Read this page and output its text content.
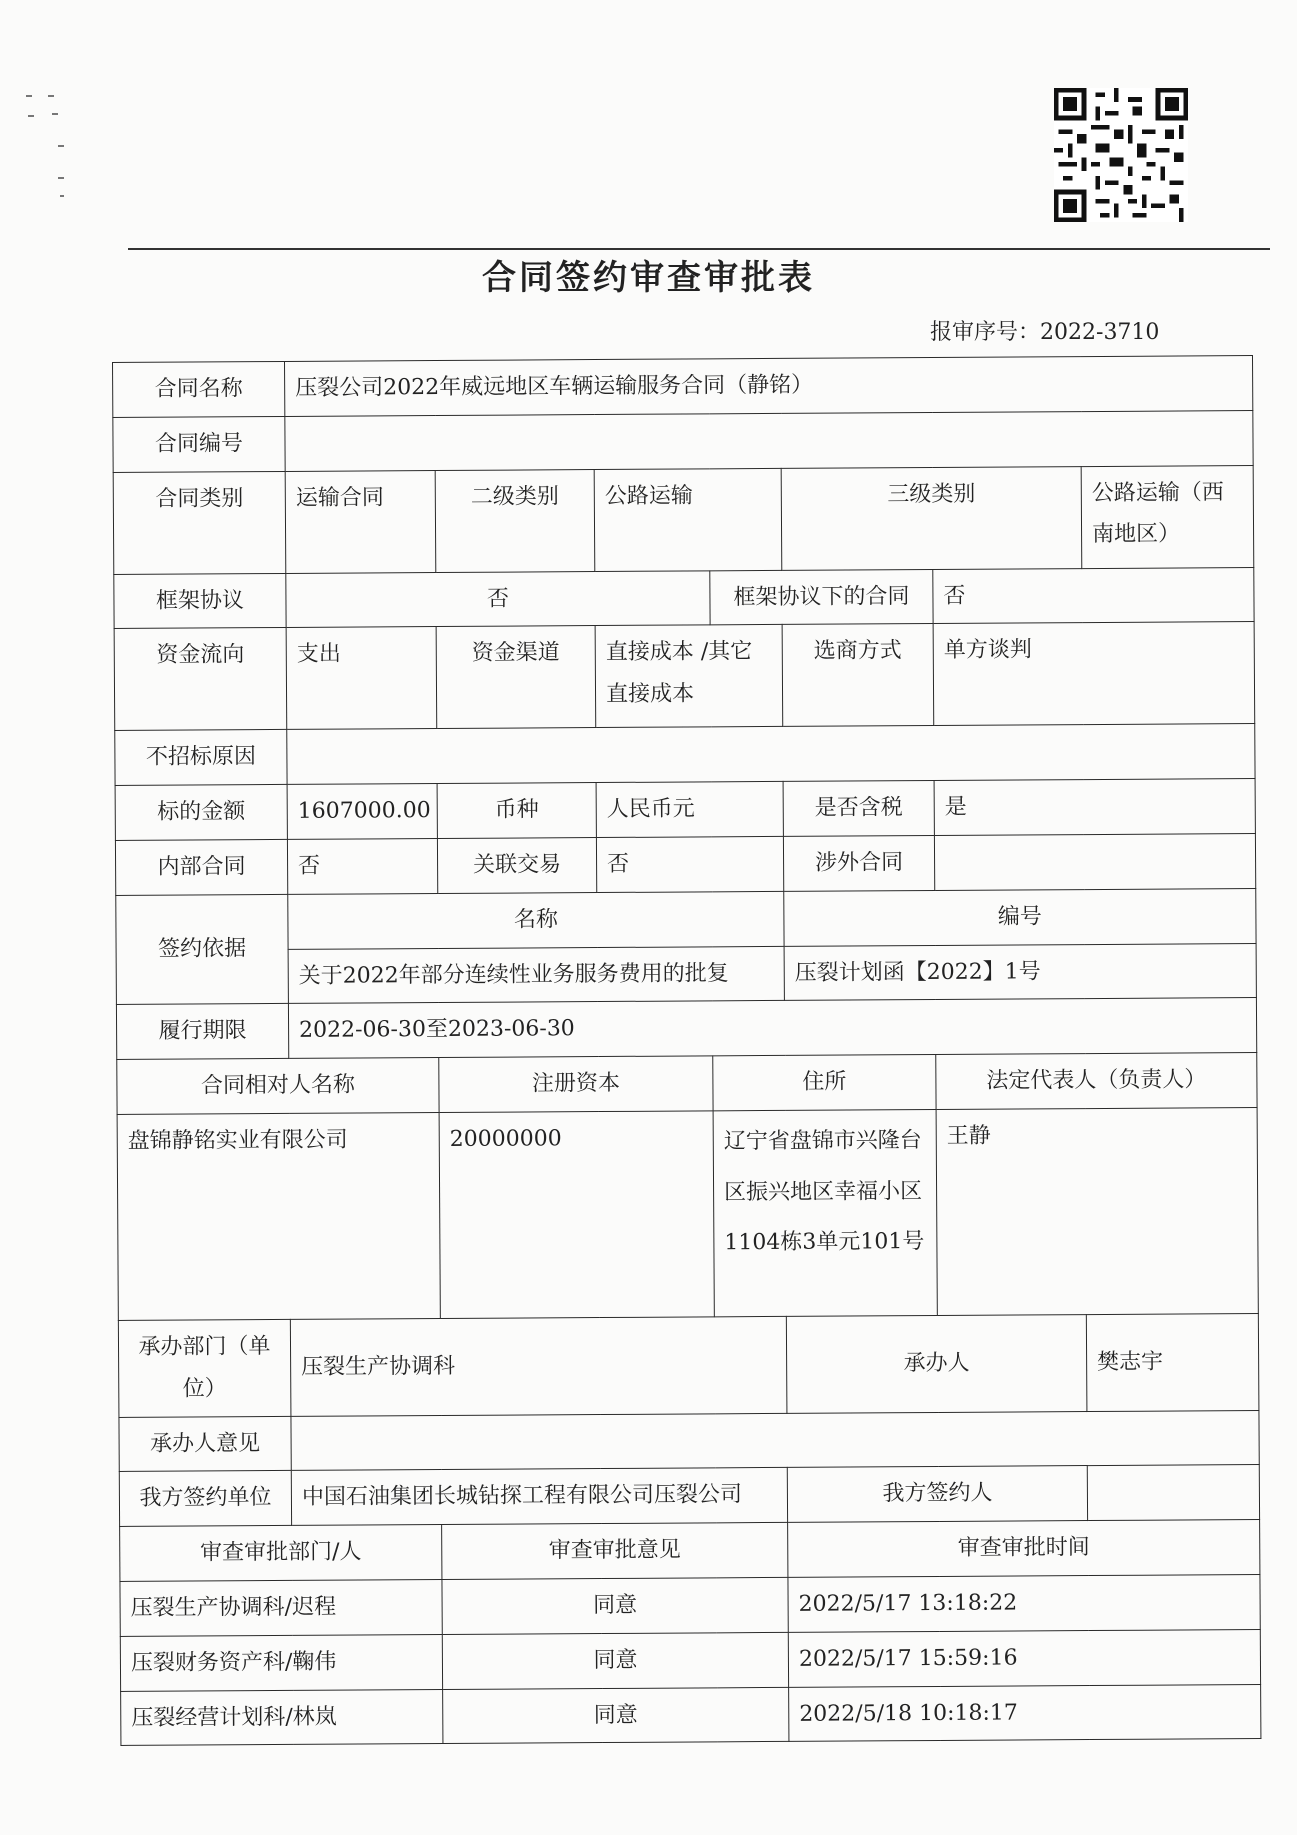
合同签约审查审批表
报审序号：2022-3710
合同名称	压裂公司2022年威远地区车辆运输服务合同（静铭）						
合同编号							
合同类别	运输合同	二级类别	公路运输		三级类别		公路运输（西南地区）
框架协议	否			框架协议下的合同		否	
资金流向	支出	资金渠道	直接成本 /其它直接成本		选商方式	单方谈判	
不招标原因							
标的金额	1607000.00	币种	人民币元		是否含税	是	
内部合同	否	关联交易	否		涉外合同		
签约依据	名称				编号		
	关于2022年部分连续性业务服务费用的批复				压裂计划函【2022】1号		
履行期限	2022-06-30至2023-06-30						
合同相对人名称		注册资本		住所		法定代表人（负责人）	
盘锦静铭实业有限公司		20000000		辽宁省盘锦市兴隆台区振兴地区幸福小区1104栋3单元101号		王静	
承办部门（单位）	压裂生产协调科				承办人		樊志宇
承办人意见							
我方签约单位	中国石油集团长城钻探工程有限公司压裂公司				我方签约人		
审查审批部门/人		审查审批意见			审查审批时间		
压裂生产协调科/迟程		同意			2022/5/17 13:18:22		
压裂财务资产科/鞠伟		同意			2022/5/17 15:59:16		
压裂经营计划科/林岚		同意			2022/5/18 10:18:17		
